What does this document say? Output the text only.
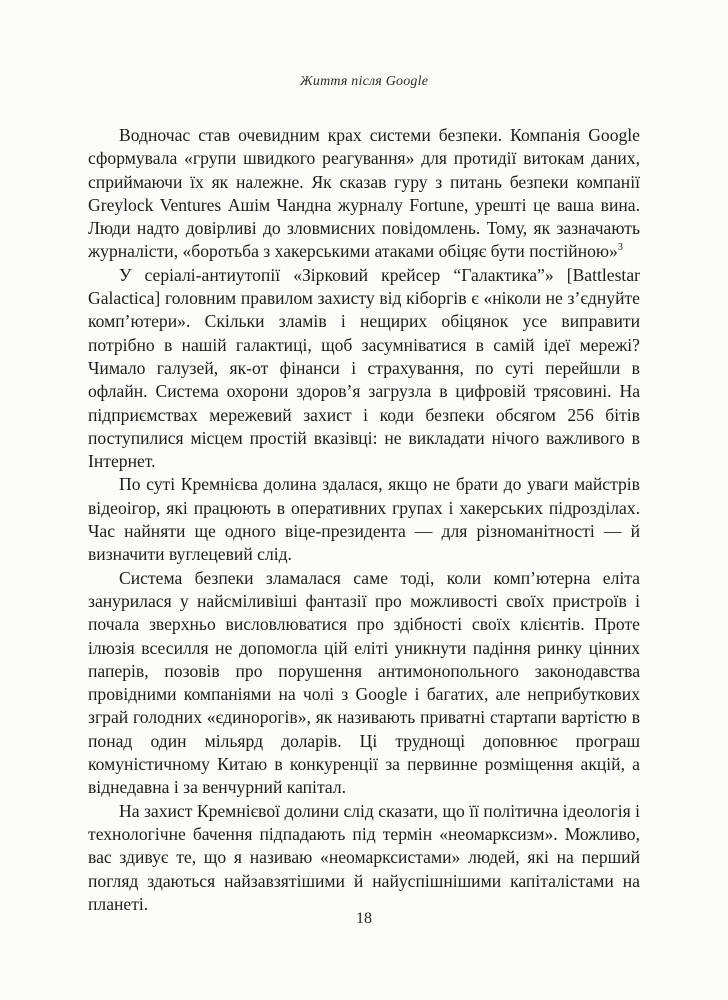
Життя після Google

Водночас став очевидним крах системи безпеки. Компанія Google сформувала «групи швидкого реагування» для протидії витокам даних, сприймаючи їх як належне. Як сказав гуру з питань безпеки компанії Greylock Ventures Ашім Чандна журналу Fortune, урешті це ваша вина. Люди надто довірливі до зловмисних повідомлень. Тому, як зазначають журналісти, «боротьба з хакерськими атаками обіцяє бути постійною»$^3$

У серіалі-антиутопії «Зірковий крейсер “Галактика”» [Battlestar Galactica] головним правилом захисту від кіборгів є «ніколи не з’єднуйте комп’ютери». Скільки зламів і нещирих обіцянок усе виправити потрібно в нашій галактиці, щоб засумніватися в самій ідеї мережі? Чимало галузей, як-от фінанси і страхування, по суті перейшли в офлайн. Система охорони здоров’я загрузла в цифровій трясовині. На підприємствах мережевий захист і коди безпеки обсягом 256 бітів поступилися місцем простій вказівці: не викладати нічого важливого в Інтернет.

По суті Кремнієва долина здалася, якщо не брати до уваги майстрів відеоігор, які працюють в оперативних групах і хакерських підрозділах. Час найняти ще одного віце-президента — для різноманітності — й визначити вуглецевий слід.

Система безпеки зламалася саме тоді, коли комп’ютерна еліта занурилася у найсміливіші фантазії про можливості своїх пристроїв і почала зверхньо висловлюватися про здібності своїх клієнтів. Проте ілюзія всесилля не допомогла цій еліті уникнути падіння ринку цінних паперів, позовів про порушення антимонопольного законодавства провідними компаніями на чолі з Google і багатих, але неприбуткових зграй голодних «єдинорогів», як називають приватні стартапи вартістю в понад один мільярд доларів. Ці труднощі доповнює програш комуністичному Китаю в конкуренції за первинне розміщення акцій, а віднедавна і за венчурний капітал.

На захист Кремнієвої долини слід сказати, що її політична ідеологія і технологічне бачення підпадають під термін «неомарксизм». Можливо, вас здивує те, що я називаю «неомарксистами» людей, які на перший погляд здаються найзавзятішими й найуспішнішими капіталістами на планеті.

18
